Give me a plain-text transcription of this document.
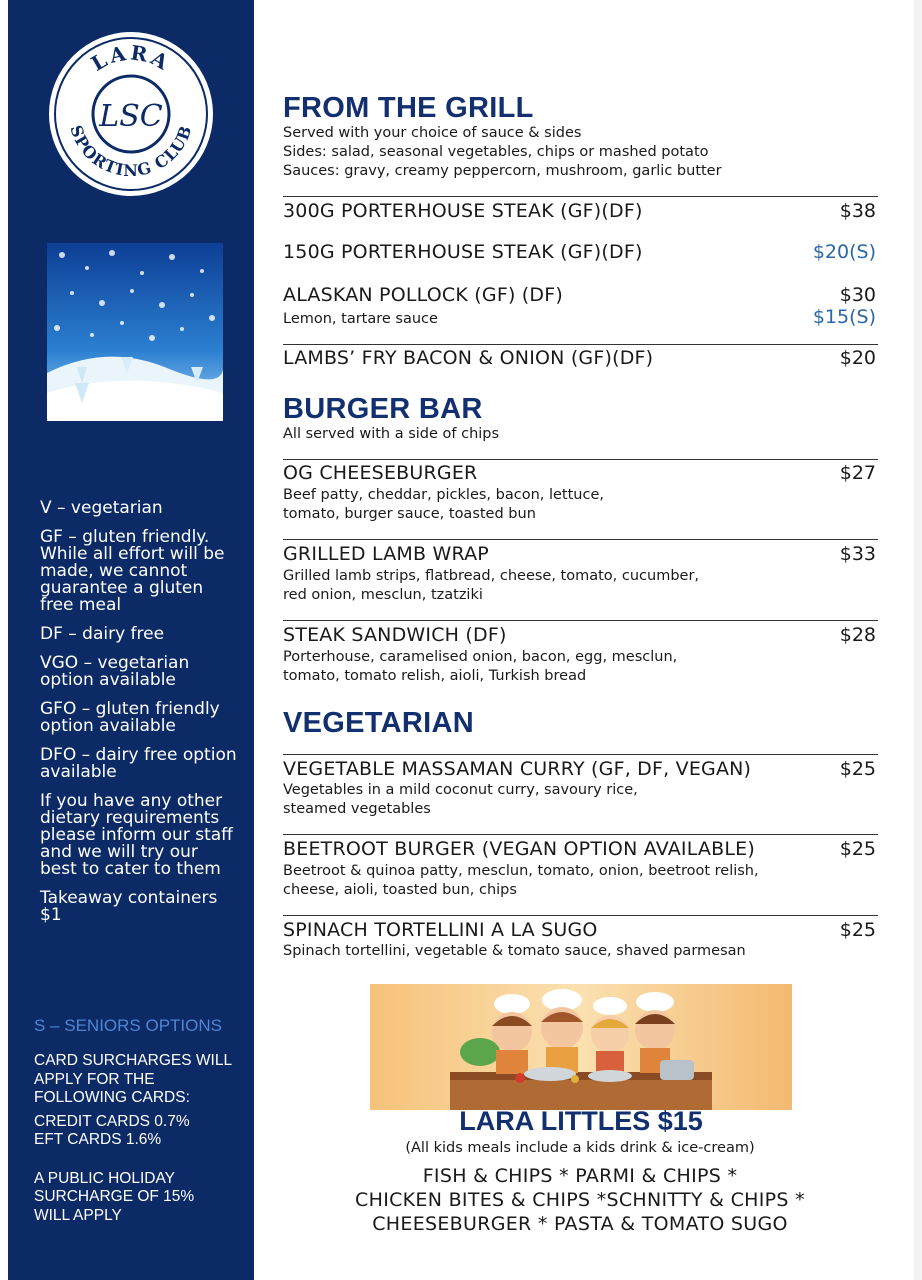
LARA
SPORTING CLUB
LSC
V – vegetarian
GF – gluten friendly. While all effort will be made, we cannot guarantee a gluten free meal
DF – dairy free
VGO – vegetarian option available
GFO – gluten friendly option available
DFO – dairy free option available
If you have any other dietary requirements please inform our staff and we will try our best to cater to them
Takeaway containers $1
S – SENIORS OPTIONS

CARD SURCHARGES WILL APPLY FOR THE FOLLOWING CARDS:

CREDIT CARDS 0.7%

EFT CARDS 1.6%

A PUBLIC HOLIDAY SURCHARGE OF 15% WILL APPLY

FROM THE GRILL
Served with your choice of sauce & sides
Sides: salad, seasonal vegetables, chips or mashed potato
Sauces: gravy, creamy peppercorn, mushroom, garlic butter
300G PORTERHOUSE STEAK (GF)(DF)	$38
150G PORTERHOUSE STEAK (GF)(DF)	$20(S)
ALASKAN POLLOCK (GF) (DF)	$30
Lemon, tartare sauce	$15(S)
LAMBS’ FRY BACON & ONION (GF)(DF)	$20
BURGER BAR
All served with a side of chips
OG CHEESEBURGER	$27
Beef patty, cheddar, pickles, bacon, lettuce,
tomato, burger sauce, toasted bun
GRILLED LAMB WRAP	$33
Grilled lamb strips, flatbread, cheese, tomato, cucumber,
red onion, mesclun, tzatziki
STEAK SANDWICH (DF)	$28
Porterhouse, caramelised onion, bacon, egg, mesclun,
tomato, tomato relish, aioli, Turkish bread
VEGETARIAN
VEGETABLE MASSAMAN CURRY (GF, DF, VEGAN)	$25
Vegetables in a mild coconut curry, savoury rice,
steamed vegetables
BEETROOT BURGER (VEGAN OPTION AVAILABLE)	$25
Beetroot & quinoa patty, mesclun, tomato, onion, beetroot relish,
cheese, aioli, toasted bun, chips
SPINACH TORTELLINI A LA SUGO	$25
Spinach tortellini, vegetable & tomato sauce, shaved parmesan
LARA LITTLES $15
(All kids meals include a kids drink & ice-cream)
FISH & CHIPS * PARMI & CHIPS *
CHICKEN BITES & CHIPS *SCHNITTY & CHIPS *
CHEESEBURGER * PASTA & TOMATO SUGO
